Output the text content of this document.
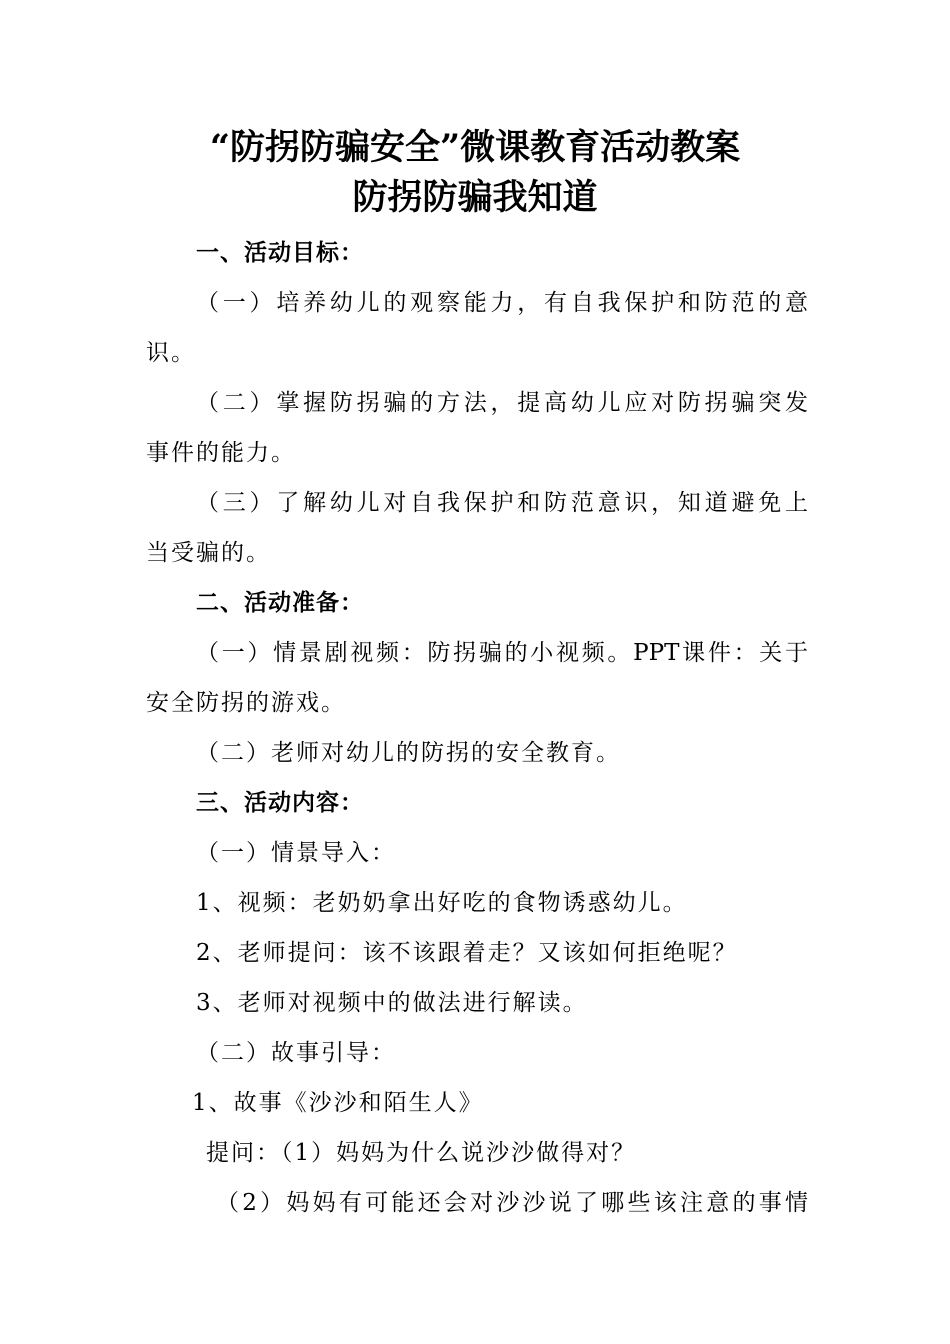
“防拐防骗安全”微课教育活动教案
防拐防骗我知道
一、活动目标：
（一）培养幼儿的观察能力，有自我保护和防范的意
识。
（二）掌握防拐骗的方法，提高幼儿应对防拐骗突发
事件的能力。
（三）了解幼儿对自我保护和防范意识，知道避免上
当受骗的。
二、活动准备：
（一）情景剧视频：防拐骗的小视频。PPT课件：关于
安全防拐的游戏。
（二）老师对幼儿的防拐的安全教育。
三、活动内容：
（一）情景导入：
1、视频：老奶奶拿出好吃的食物诱惑幼儿。
2、老师提问：该不该跟着走？又该如何拒绝呢？
3、老师对视频中的做法进行解读。
（二）故事引导：
1、故事《沙沙和陌生人》
提问：（1）妈妈为什么说沙沙做得对？
（2）妈妈有可能还会对沙沙说了哪些该注意的事情
